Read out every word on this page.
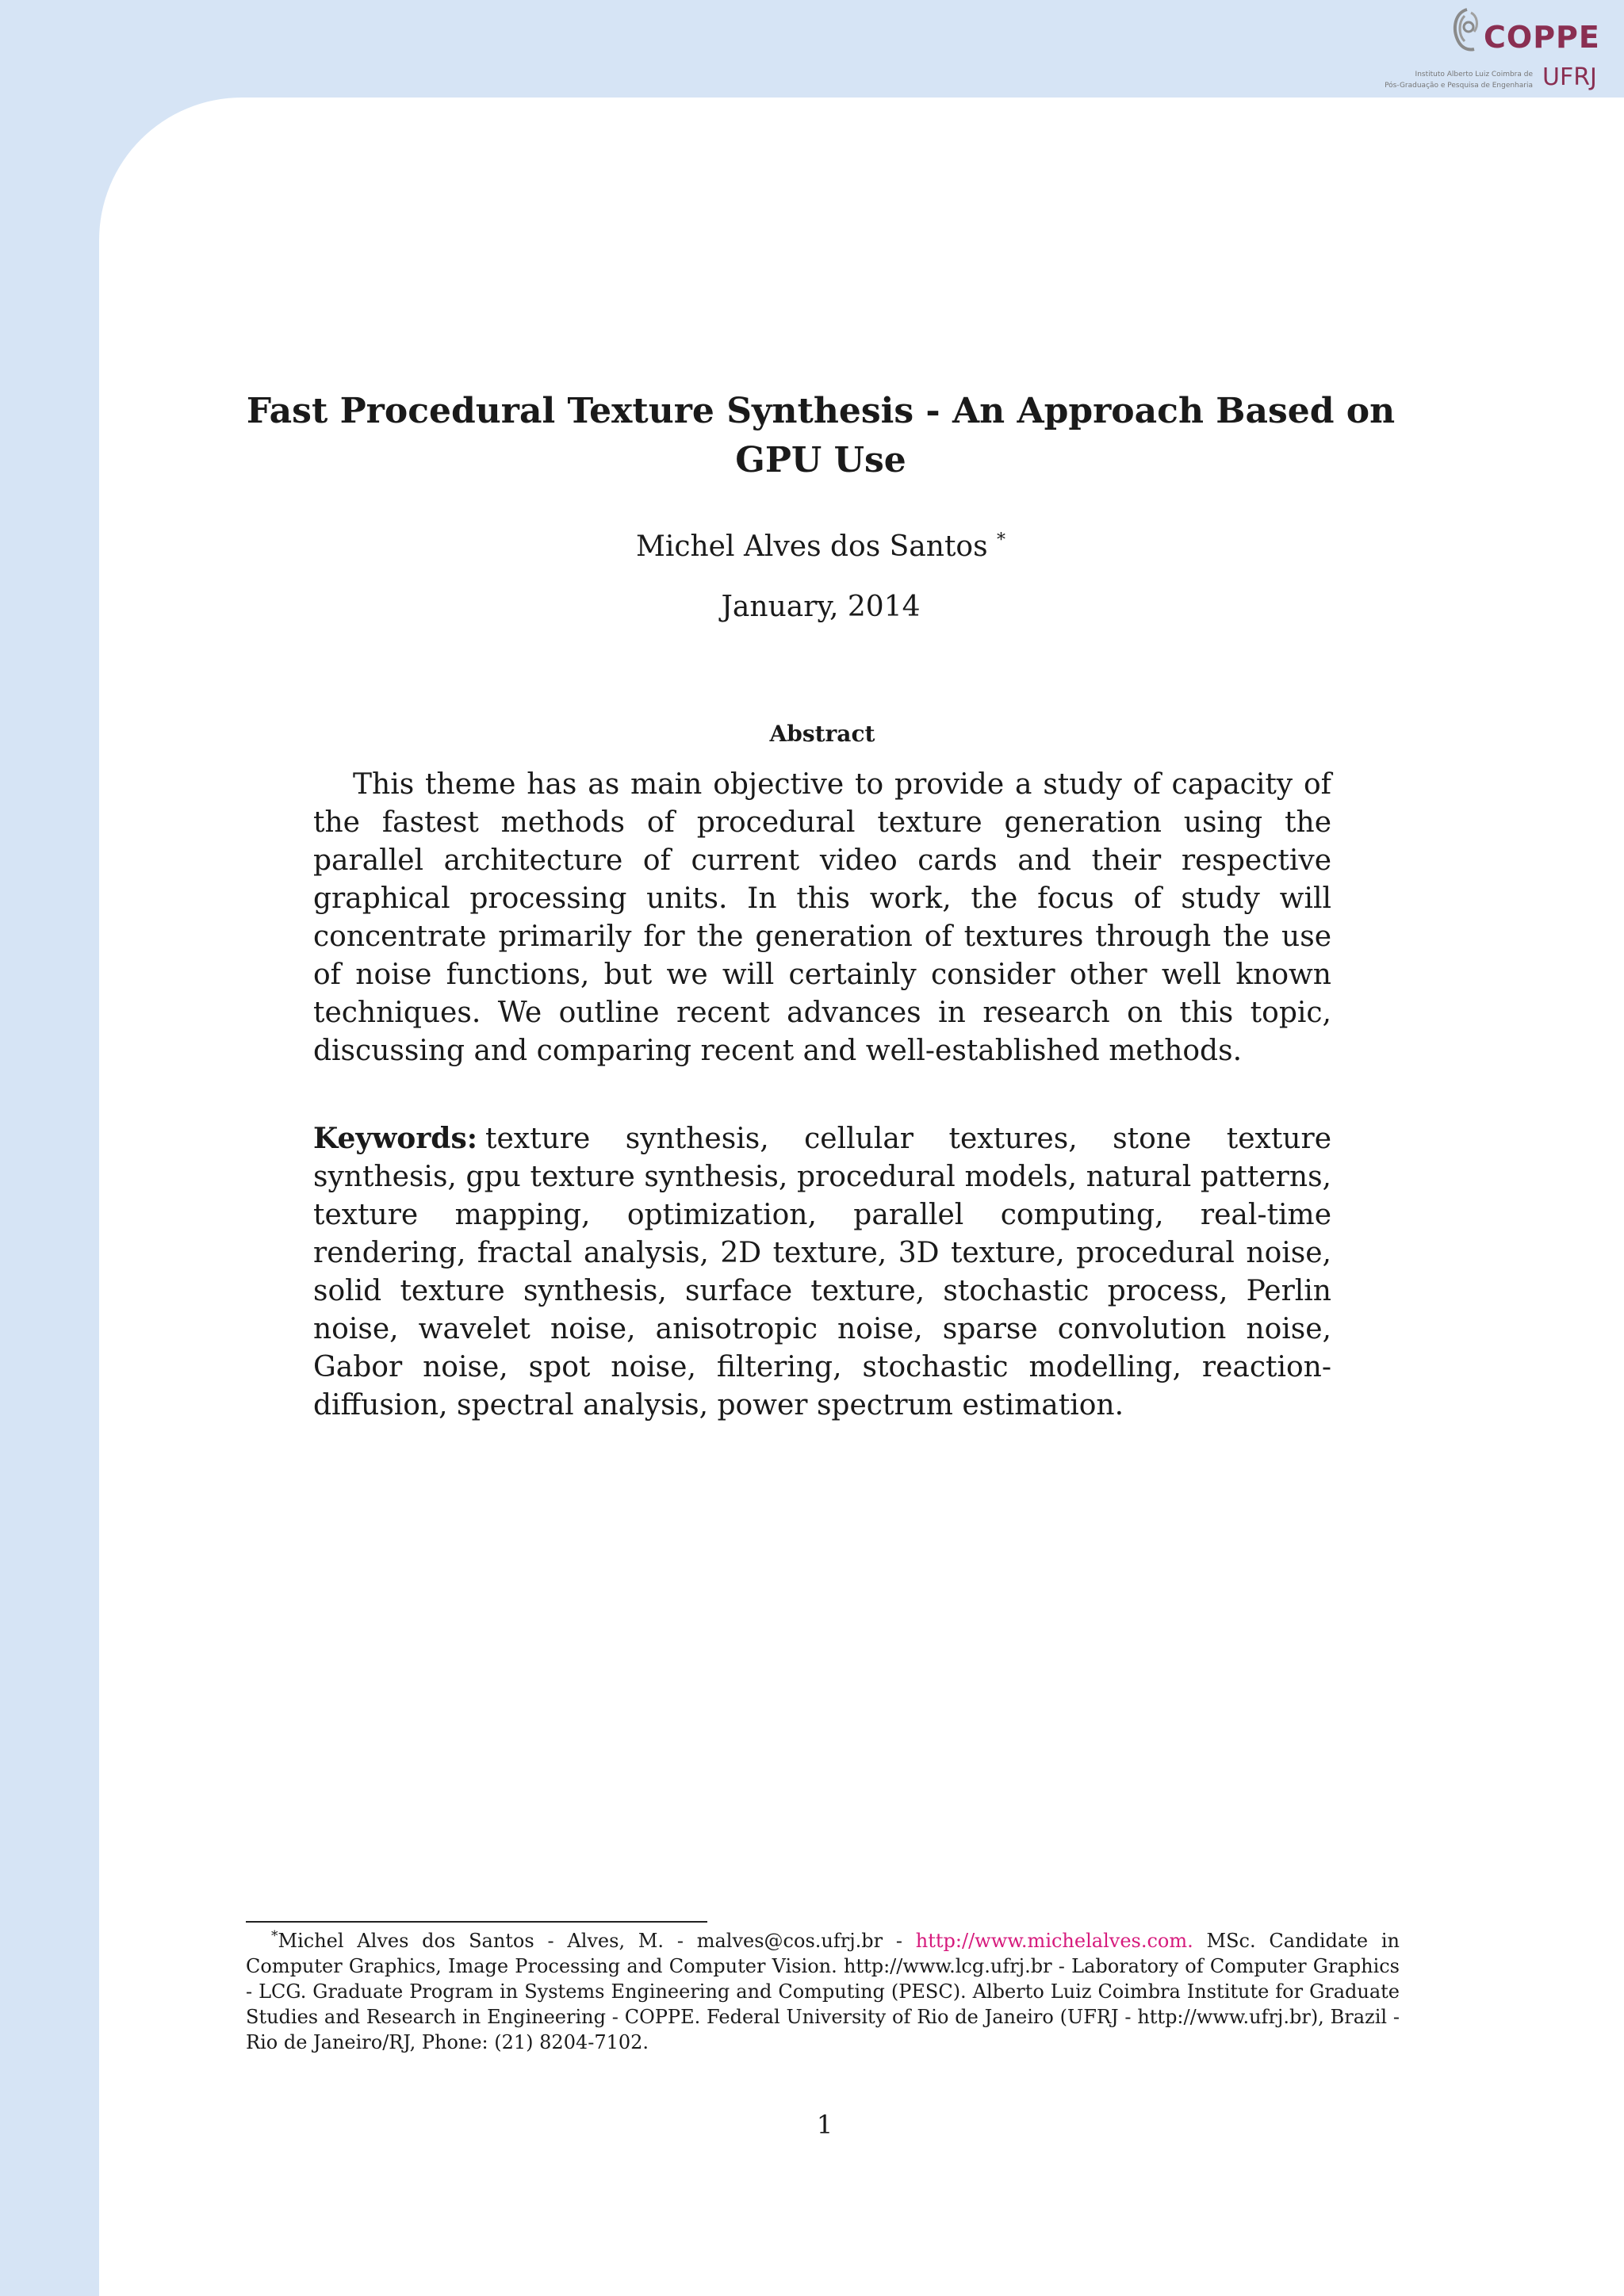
COPPE
UFRJ
Instituto Alberto Luiz Coimbra de
Pós-Graduação e Pesquisa de Engenharia
Fast Procedural Texture Synthesis - An Approach Based on GPU Use
Michel Alves dos Santos *
January, 2014
Abstract

This theme has as main objective to provide a study of capacity of the fastest methods of procedural texture generation using the parallel architecture of current video cards and their respective graphical processing units. In this work, the focus of study will concentrate primarily for the generation of textures through the use of noise functions, but we will certainly consider other well known techniques. We outline recent advances in research on this topic, discussing and comparing recent and well-established methods.

Keywords: texture synthesis, cellular textures, stone texture synthesis, gpu texture synthesis, procedural models, natural patterns, texture mapping, optimization, parallel computing, real-time rendering, fractal analysis, 2D texture, 3D texture, procedural noise, solid texture synthesis, surface texture, stochastic process, Perlin noise, wavelet noise, anisotropic noise, sparse convolution noise, Gabor noise, spot noise, filtering, stochastic modelling, reaction-diffusion, spectral analysis, power spectrum estimation.

*Michel Alves dos Santos - Alves, M. - malves@cos.ufrj.br - http://www.michelalves.com. MSc. Candidate in Computer Graphics, Image Processing and Computer Vision. http://www.lcg.ufrj.br - Laboratory of Computer Graphics - LCG. Graduate Program in Systems Engineering and Computing (PESC). Alberto Luiz Coimbra Institute for Graduate Studies and Research in Engineering - COPPE. Federal University of Rio de Janeiro (UFRJ - http://www.ufrj.br), Brazil - Rio de Janeiro/RJ, Phone: (21) 8204-7102.

1
